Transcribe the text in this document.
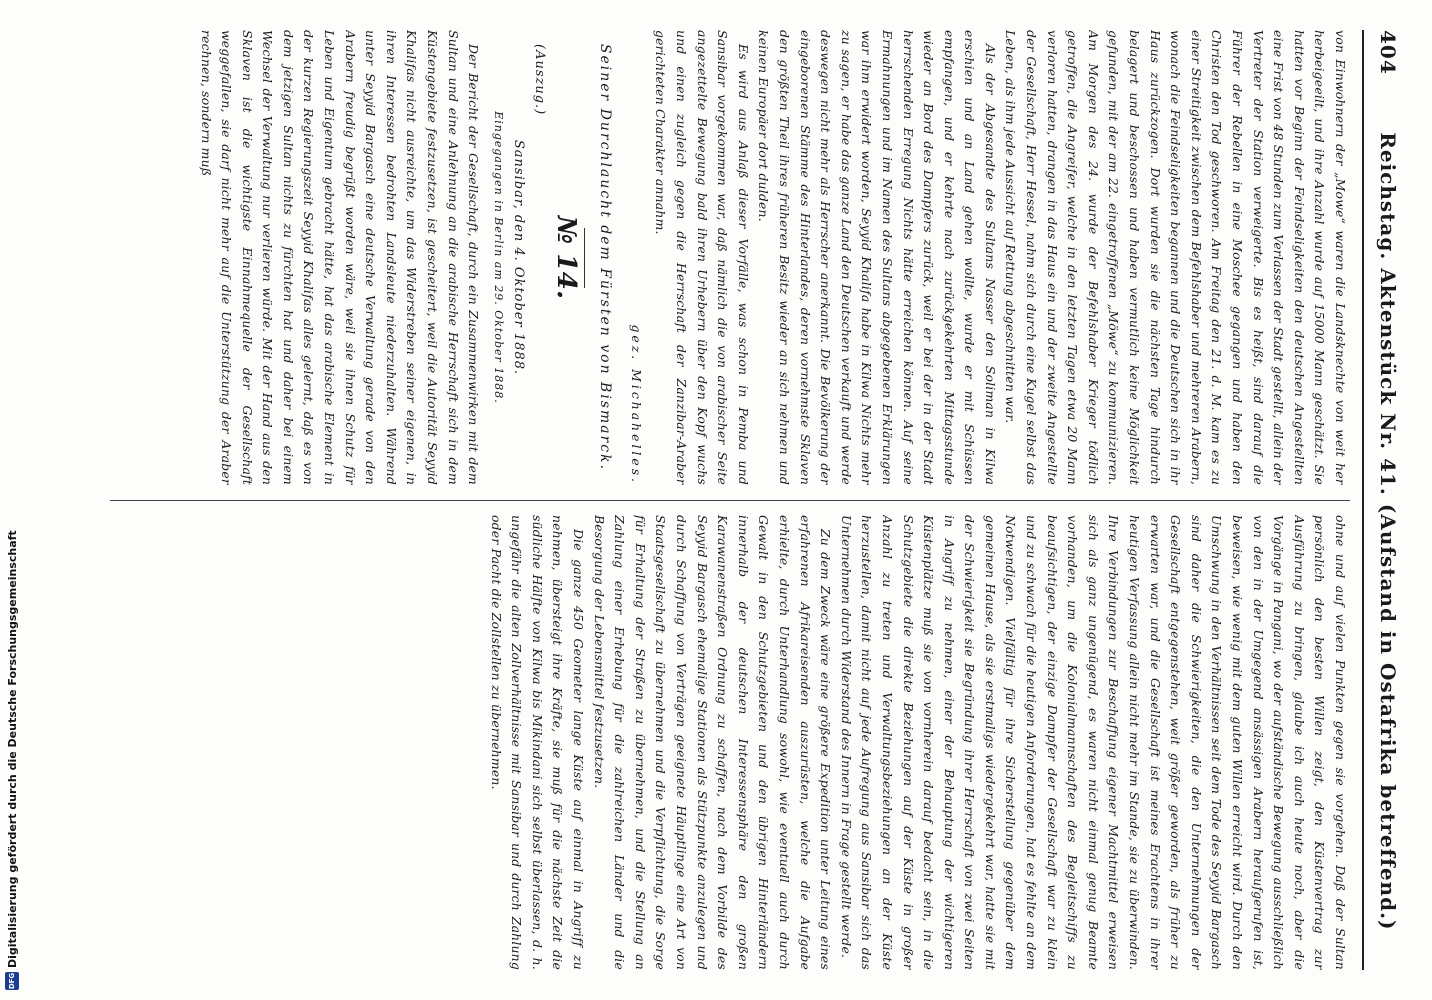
DFG
Digitalisierung gefördert durch die Deutsche Forschungsgemeinschaft
404
Reichstag. Aktenstück Nr. 41. (Aufstand in Ostafrika betreffend.)

von Einwohnern der „Mowe“ waren die Landsknechte von weit her herbeigeeilt, und ihre Anzahl wurde auf 15000 Mann geschätzt. Sie hatten vor Beginn der Feindseligkeiten den deutschen Angestellten eine Frist von 48 Stunden zum Verlassen der Stadt gestellt, allein der Vertreter der Station verweigerte. Bis es heißt, sind darauf die Führer der Rebellen in eine Moschee gegangen und haben den Christen den Tod geschworen. Am Freitag den 21. d. M. kam es zu einer Streitigkeit zwischen dem Befehlshaber und mehreren Arabern, wonach die Feindseligkeiten begannen und die Deutschen sich in ihr Haus zurückzogen. Dort wurden sie die nächsten Tage hindurch belagert und beschossen und haben vermutlich keine Möglichkeit gefunden, mit der am 22. eingetroffenen „Möwe“ zu kommunizieren. Am Morgen des 24. wurde der Befehlshaber Krieger tödlich getroffen, die Angreifer, welche in den letzten Tagen etwa 20 Mann verloren hatten, drangen in das Haus ein und der zweite Angestellte der Gesellschaft, Herr Hessel, nahm sich durch eine Kugel selbst das Leben, als ihm jede Aussicht auf Rettung abgeschnitten war.

Als der Abgesandte des Sultans Nasser den Soliman in Kilwa erschien und an Land gehen wollte, wurde er mit Schüssen empfangen, und er kehrte nach zurückgekehrten Mittagsstunde wieder an Bord des Dampfers zurück, weil er bei der in der Stadt herrschenden Erregung Nichts hätte erreichen können. Auf seine Ermahnungen und im Namen des Sultans abgegebenen Erklärungen war ihm erwidert worden, Seyyid Khalifa habe in Kilwa Nichts mehr zu sagen, er habe das ganze Land den Deutschen verkauft und werde deswegen nicht mehr als Herrscher anerkannt. Die Bevölkerung der eingeborenen Stämme des Hinterlandes, deren vornehmste Sklaven den größten Theil ihres früheren Besitz wieder an sich nehmen und keinen Europäer dort dulden.

Es wird aus Anlaß dieser Vorfälle, was schon in Pemba und Sansibar vorgekommen war, daß nämlich die von arabischer Seite angezettelte Bewegung bald ihren Urhebern über den Kopf wuchs und einen zugleich gegen die Herrschaft der Zanzibar-Araber gerichteten Charakter annahm.

gez. Michahelles.
Seiner Durchlaucht dem Fürsten von Bismarck.
№ 14.

(Auszug.)

Sansibar, den 4. Oktober 1888.
Eingegangen in Berlin am 29. Oktober 1888.

Der Bericht der Gesellschaft, durch ein Zusammenwirken mit dem Sultan und eine Anlehnung an die arabische Herrschaft sich in dem Küstengebiete festzusetzen, ist gescheitert, weil die Autorität Seyyid Khalifas nicht ausreichte, um das Widerstreben seiner eigenen, in ihren Interessen bedrohten Landsleute niederzuhalten. Während unter Seyyid Bargasch eine deutsche Verwaltung gerade von den Arabern freudig begrüßt worden wäre, weil sie ihnen Schutz für Leben und Eigentum gebracht hätte, hat das arabische Element in der kurzen Regierungszeit Seyyid Khalifas alles gelernt, daß es von dem jetzigen Sultan nichts zu fürchten hat und daher bei einem Wechsel der Verwaltung nur verlieren würde. Mit der Hand aus den Sklaven ist die wichtigste Einnahmequelle der Gesellschaft weggefallen, sie darf nicht mehr auf die Unterstützung der Araber rechnen, sondern muß

ohne und auf vielen Punkten gegen sie vorgehen. Daß der Sultan persönlich den besten Willen zeigt, den Küstenvertrag zur Ausführung zu bringen, glaube ich auch heute noch, aber die Vorgänge in Pangani, wo der aufständische Bewegung ausschließlich von den in der Umgegend ansässigen Arabern heraufgerufen ist, beweisen, wie wenig mit dem guten Willen erreicht wird. Durch den Umschwung in den Verhältnissen seit dem Tode des Seyyid Bargasch sind daher die Schwierigkeiten, die den Unternehmungen der Gesellschaft entgegenstehen, weit größer geworden, als früher zu erwarten war, und die Gesellschaft ist meines Erachtens in ihrer heutigen Verfassung allein nicht mehr im Stande, sie zu überwinden. Ihre Verbindungen zur Beschaffung eigener Machtmittel erweisen sich als ganz ungenügend, es waren nicht einmal genug Beamte vorhanden, um die Kolonialmannschaften des Begleitschiffs zu beaufsichtigen, der einzige Dampfer der Gesellschaft war zu klein und zu schwach für die heutigen Anforderungen, hat es fehlte an dem Notwendigen. Vielfältig für ihre Sicherstellung gegenüber dem gemeinen Hause, als sie erstmaligs wiedergekehrt war, hatte sie mit der Schwierigkeit sie Begründung ihrer Herrschaft von zwei Seiten in Angriff zu nehmen, einer der Behauptung der wichtigeren Küstenplätze muß sie von vornherein darauf bedacht sein, in die Schutzgebiete die direkte Beziehungen auf der Küste in großer Anzahl zu treten und Verwaltungsbeziehungen an der Küste herzustellen, damit nicht auf jede Aufregung aus Sansibar sich das Unternehmen durch Widerstand des Innern in Frage gestellt werde.

Zu dem Zweck wäre eine größere Expedition unter Leitung eines erfahrenen Afrikareisenden auszurüsten, welche die Aufgabe erhielte, durch Unterhandlung sowohl, wie eventuell auch durch Gewalt in den Schutzgebieten und den übrigen Hinterländern innerhalb der deutschen Interessensphäre den großen Karawanenstraßen Ordnung zu schaffen, nach dem Vorbilde des Seyyid Bargasch ehemalige Stationen als Stützpunkte anzulegen und durch Schaffung von Verträgen geeignete Häuptlinge eine Art von Staatsgesellschaft zu übernehmen und die Verpflichtung, die Sorge für Erhaltung der Straßen zu übernehmen, und die Stellung an Zahlung einer Erhebung für die zahlreichen Länder und die Besorgung der Lebensmittel festzusetzen.

Die ganze 450 Geometer lange Küste auf einmal in Angriff zu nehmen, übersteigt ihre Kräfte, sie muß für die nächste Zeit die südliche Hälfte von Kilwa bis Mikindani sich selbst überlassen, d. h. ungefähr die alten Zollverhältnisse mit Sansibar und durch Zahlung oder Pacht die Zollstellen zu übernehmen.
